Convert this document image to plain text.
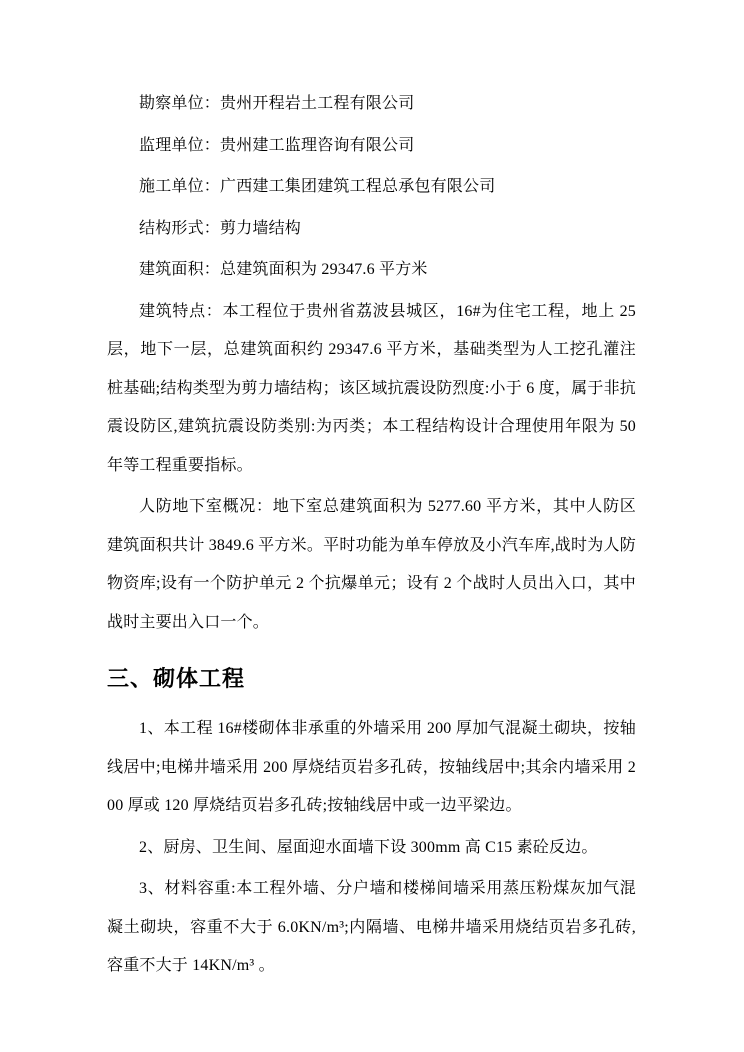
勘察单位：贵州开程岩土工程有限公司

监理单位：贵州建工监理咨询有限公司

施工单位：广西建工集团建筑工程总承包有限公司

结构形式：剪力墙结构

建筑面积：总建筑面积为 29347.6 平方米

建筑特点：本工程位于贵州省荔波县城区，16#为住宅工程，地上 25 层，地下一层，总建筑面积约 29347.6 平方米，基础类型为人工挖孔灌注桩基础;结构类型为剪力墙结构；该区域抗震设防烈度:小于 6 度，属于非抗震设防区,建筑抗震设防类别:为丙类；本工程结构设计合理使用年限为 50 年等工程重要指标。

人防地下室概况：地下室总建筑面积为 5277.60 平方米，其中人防区建筑面积共计 3849.6 平方米。平时功能为单车停放及小汽车库,战时为人防物资库;设有一个防护单元 2 个抗爆单元；设有 2 个战时人员出入口，其中战时主要出入口一个。

三、砌体工程

1、本工程 16#楼砌体非承重的外墙采用 200 厚加气混凝土砌块，按轴线居中;电梯井墙采用 200 厚烧结页岩多孔砖，按轴线居中;其余内墙采用 200 厚或 120 厚烧结页岩多孔砖;按轴线居中或一边平梁边。

2、厨房、卫生间、屋面迎水面墙下设 300mm 高 C15 素砼反边。

3、材料容重:本工程外墙、分户墙和楼梯间墙采用蒸压粉煤灰加气混凝土砌块，容重不大于 6.0KN/m³;内隔墙、电梯井墙采用烧结页岩多孔砖,容重不大于 14KN/m³ 。
